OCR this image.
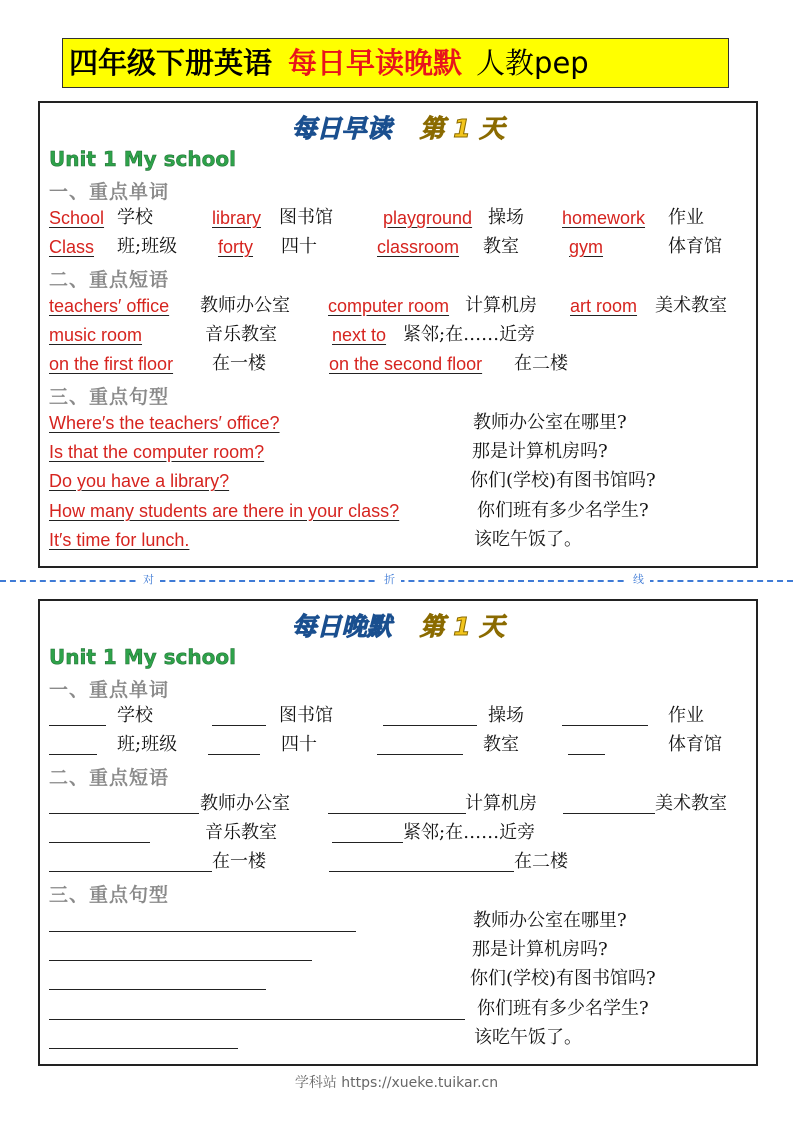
四年级下册英语 每日早读晚默 人教pep
每日早读 第 1 天
Unit 1 My school
一、重点单词
School 学校	library 图书馆	playground 操场 homework 作业
Class 班;班级 forty 四十	classroom 教室	gym	体育馆
二、重点短语
teachers′ office 教师办公室 computer room 计算机房 art room 美术教室
music room	音乐教室	next to 紧邻;在……近旁
on the first floor 在一楼	on the second floor 在二楼
三、重点句型
Where′s the teachers′ office?	教师办公室在哪里?
Is that the computer room?	那是计算机房吗?
Do you have a library?	你们(学校)有图书馆吗?
How many students are there in your class?	你们班有多少名学生?
It′s time for lunch.	该吃午饭了。
对	折	线
每日晚默 第 1 天
Unit 1 My school
一、重点单词
学校	图书馆	操场	作业
班;班级	四十	教室	体育馆
二、重点短语
教师办公室	计算机房	美术教室
音乐教室	紧邻;在……近旁
在一楼	在二楼
三、重点句型
教师办公室在哪里?
那是计算机房吗?
你们(学校)有图书馆吗?
你们班有多少名学生?
该吃午饭了。
学科站 https://xueke.tuikar.cn
